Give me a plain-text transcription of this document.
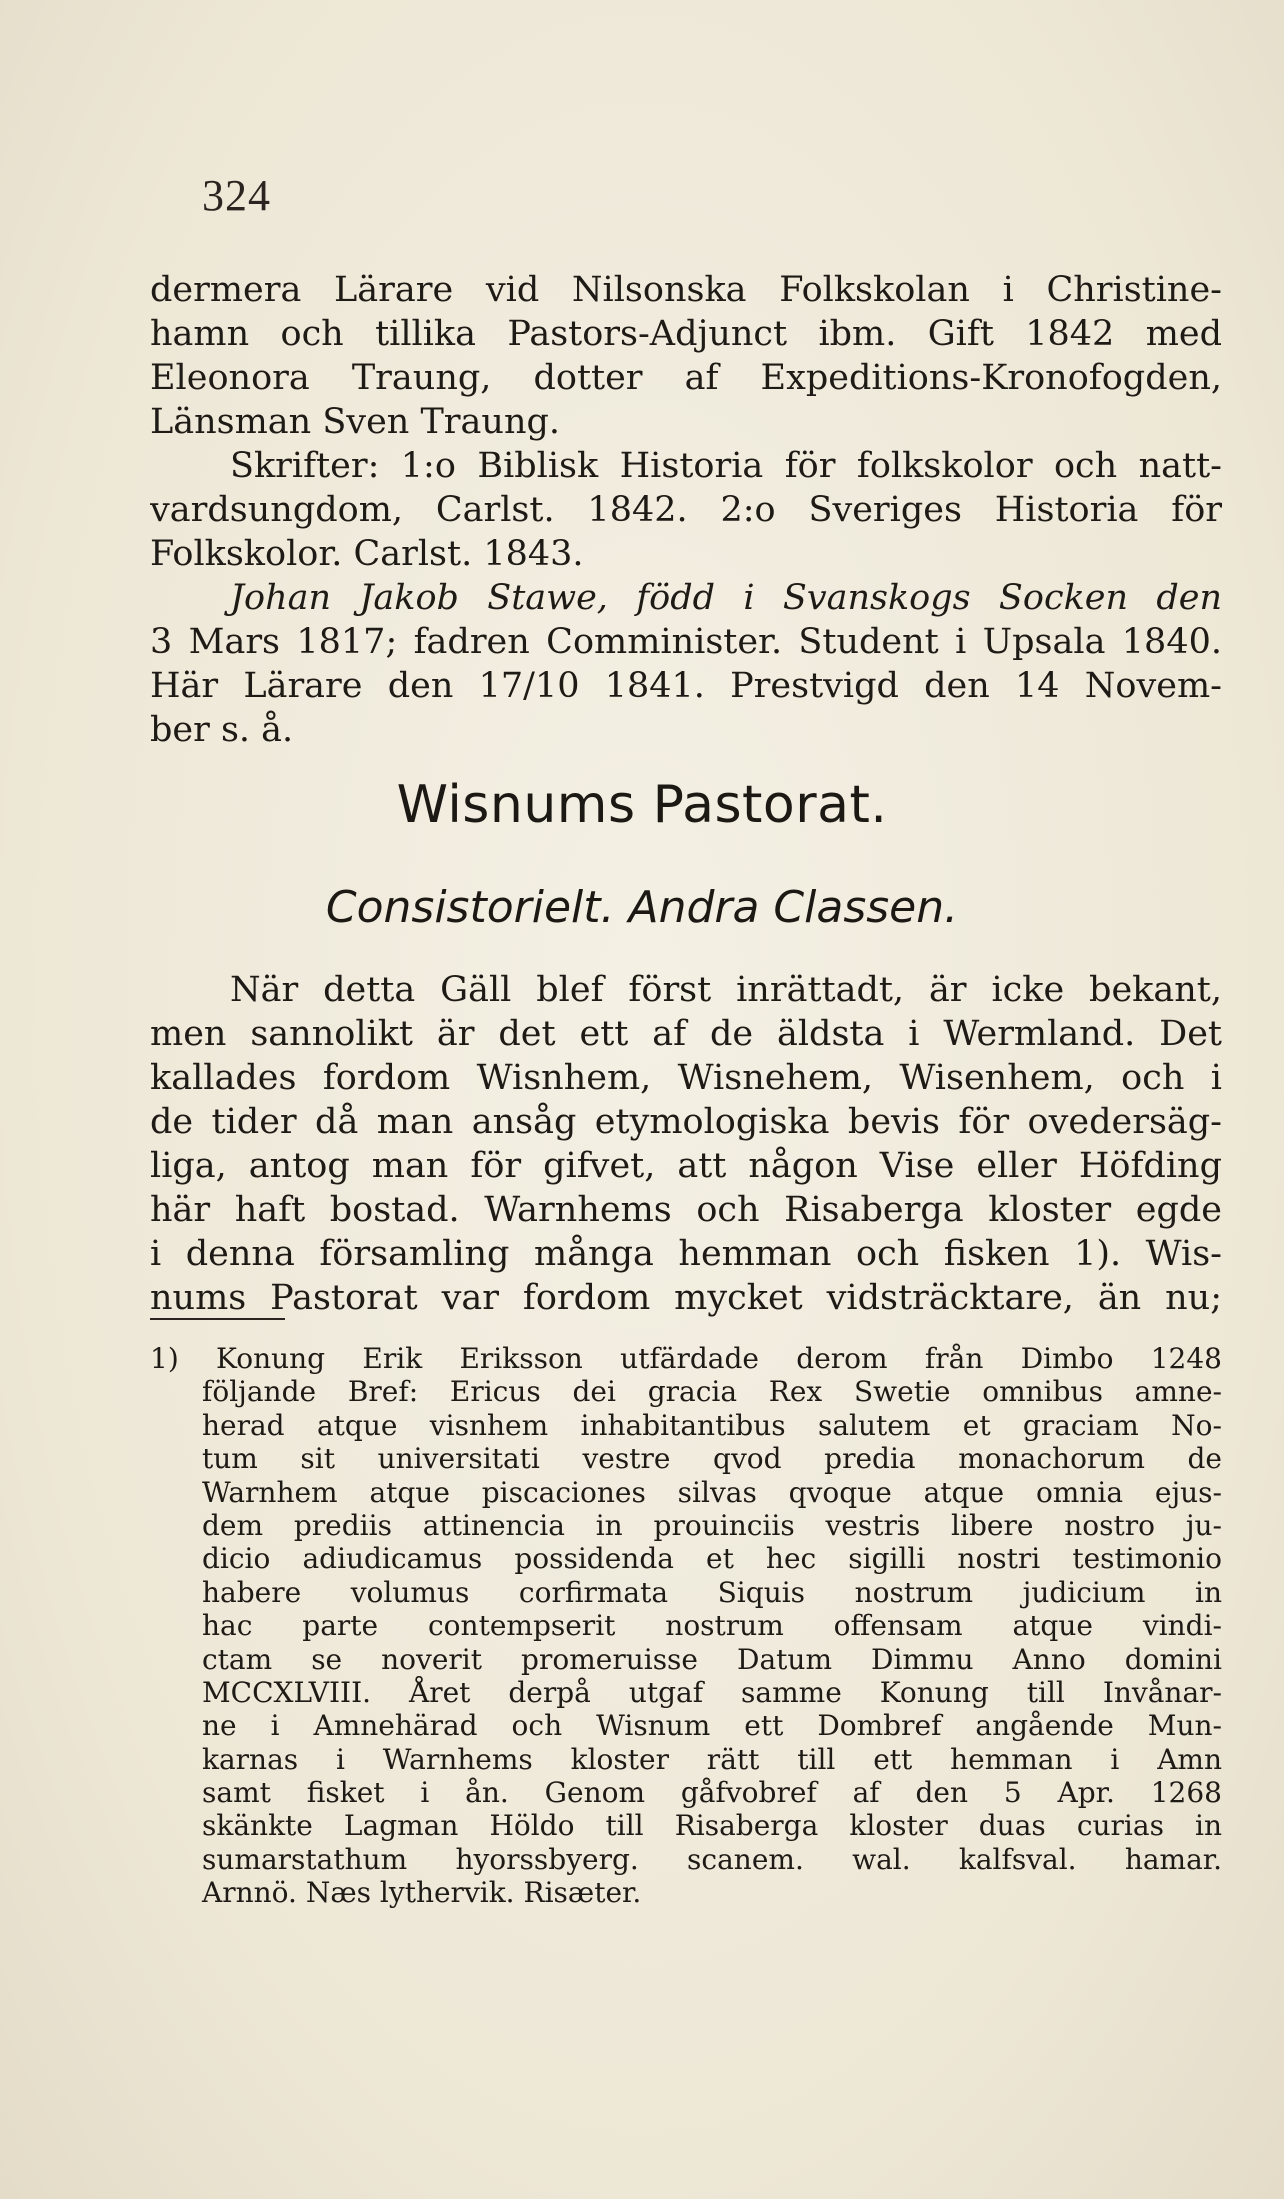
324
dermera Lärare vid Nilsonska Folkskolan i Christine-
hamn och tillika Pastors-Adjunct ibm. Gift 1842 med
Eleonora Traung, dotter af Expeditions-Kronofogden,
Länsman Sven Traung.
Skrifter: 1:o Biblisk Historia för folkskolor och natt-
vardsungdom, Carlst. 1842. 2:o Sveriges Historia för
Folkskolor. Carlst. 1843.
Johan Jakob Stawe, född i Svanskogs Socken den
3 Mars 1817; fadren Comminister. Student i Upsala 1840.
Här Lärare den 17/10 1841. Prestvigd den 14 Novem-
ber s. å.
Wisnums Pastorat.
Consistorielt. Andra Classen.
När detta Gäll blef först inrättadt, är icke bekant,
men sannolikt är det ett af de äldsta i Wermland. Det
kallades fordom Wisnhem, Wisnehem, Wisenhem, och i
de tider då man ansåg etymologiska bevis för ovedersäg-
liga, antog man för gifvet, att någon Vise eller Höfding
här haft bostad. Warnhems och Risaberga kloster egde
i denna församling många hemman och fisken 1). Wis-
nums Pastorat var fordom mycket vidsträcktare, än nu;
1) Konung Erik Eriksson utfärdade derom från Dimbo 1248
följande Bref: Ericus dei gracia Rex Swetie omnibus amne-
herad atque visnhem inhabitantibus salutem et graciam No-
tum sit universitati vestre qvod predia monachorum de
Warnhem atque piscaciones silvas qvoque atque omnia ejus-
dem prediis attinencia in prouinciis vestris libere nostro ju-
dicio adiudicamus possidenda et hec sigilli nostri testimonio
habere volumus corfirmata Siquis nostrum judicium in
hac parte contempserit nostrum offensam atque vindi-
ctam se noverit promeruisse Datum Dimmu Anno domini
MCCXLVIII. Året derpå utgaf samme Konung till Invånar-
ne i Amnehärad och Wisnum ett Dombref angående Mun-
karnas i Warnhems kloster rätt till ett hemman i Amn
samt fisket i ån. Genom gåfvobref af den 5 Apr. 1268
skänkte Lagman Höldo till Risaberga kloster duas curias in
sumarstathum hyorssbyerg. scanem. wal. kalfsval. hamar.
Arnnö. Næs lythervik. Risæter.
